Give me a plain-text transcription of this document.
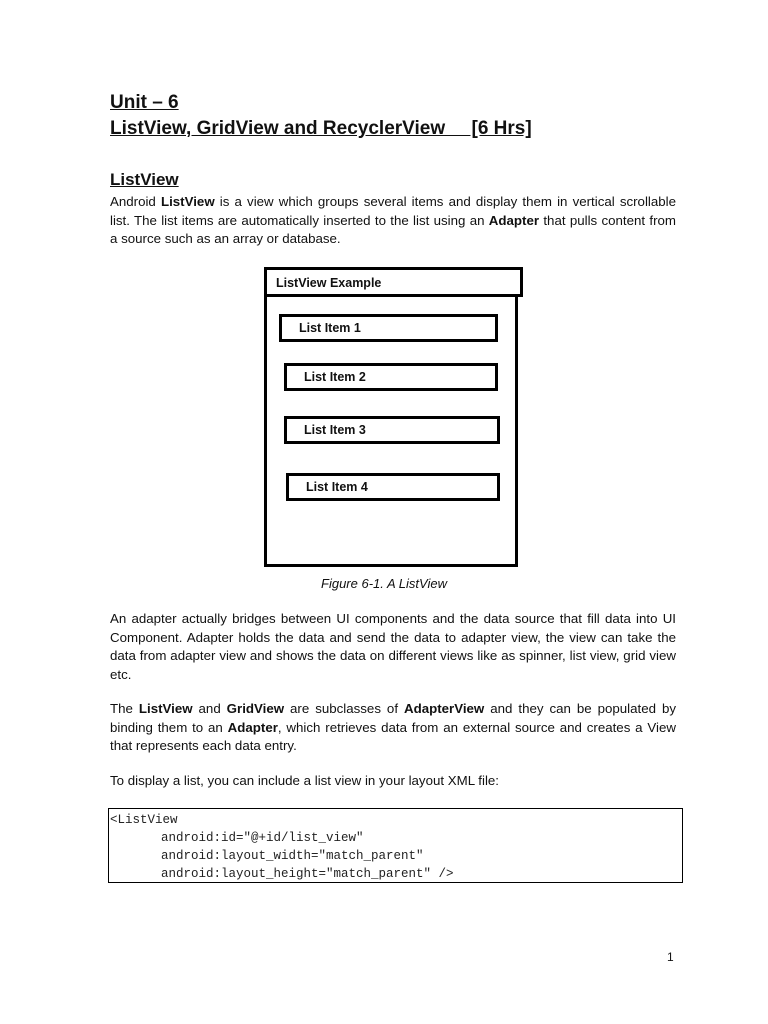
Unit – 6
ListView, GridView and RecyclerView     [6 Hrs]
ListView

Android ListView is a view which groups several items and display them in vertical scrollable list. The list items are automatically inserted to the list using an Adapter that pulls content from a source such as an array or database.

ListView Example
List Item 1
List Item 2
List Item 3
List Item 4
Figure 6-1. A ListView

An adapter actually bridges between UI components and the data source that fill data into UI Component. Adapter holds the data and send the data to adapter view, the view can take the data from adapter view and shows the data on different views like as spinner, list view, grid view etc.

The ListView and GridView are subclasses of AdapterView and they can be populated by binding them to an Adapter, which retrieves data from an external source and creates a View that represents each data entry.

To display a list, you can include a list view in your layout XML file:

<ListView
android:id="@+id/list_view"
android:layout_width="match_parent"
android:layout_height="match_parent" />
1
